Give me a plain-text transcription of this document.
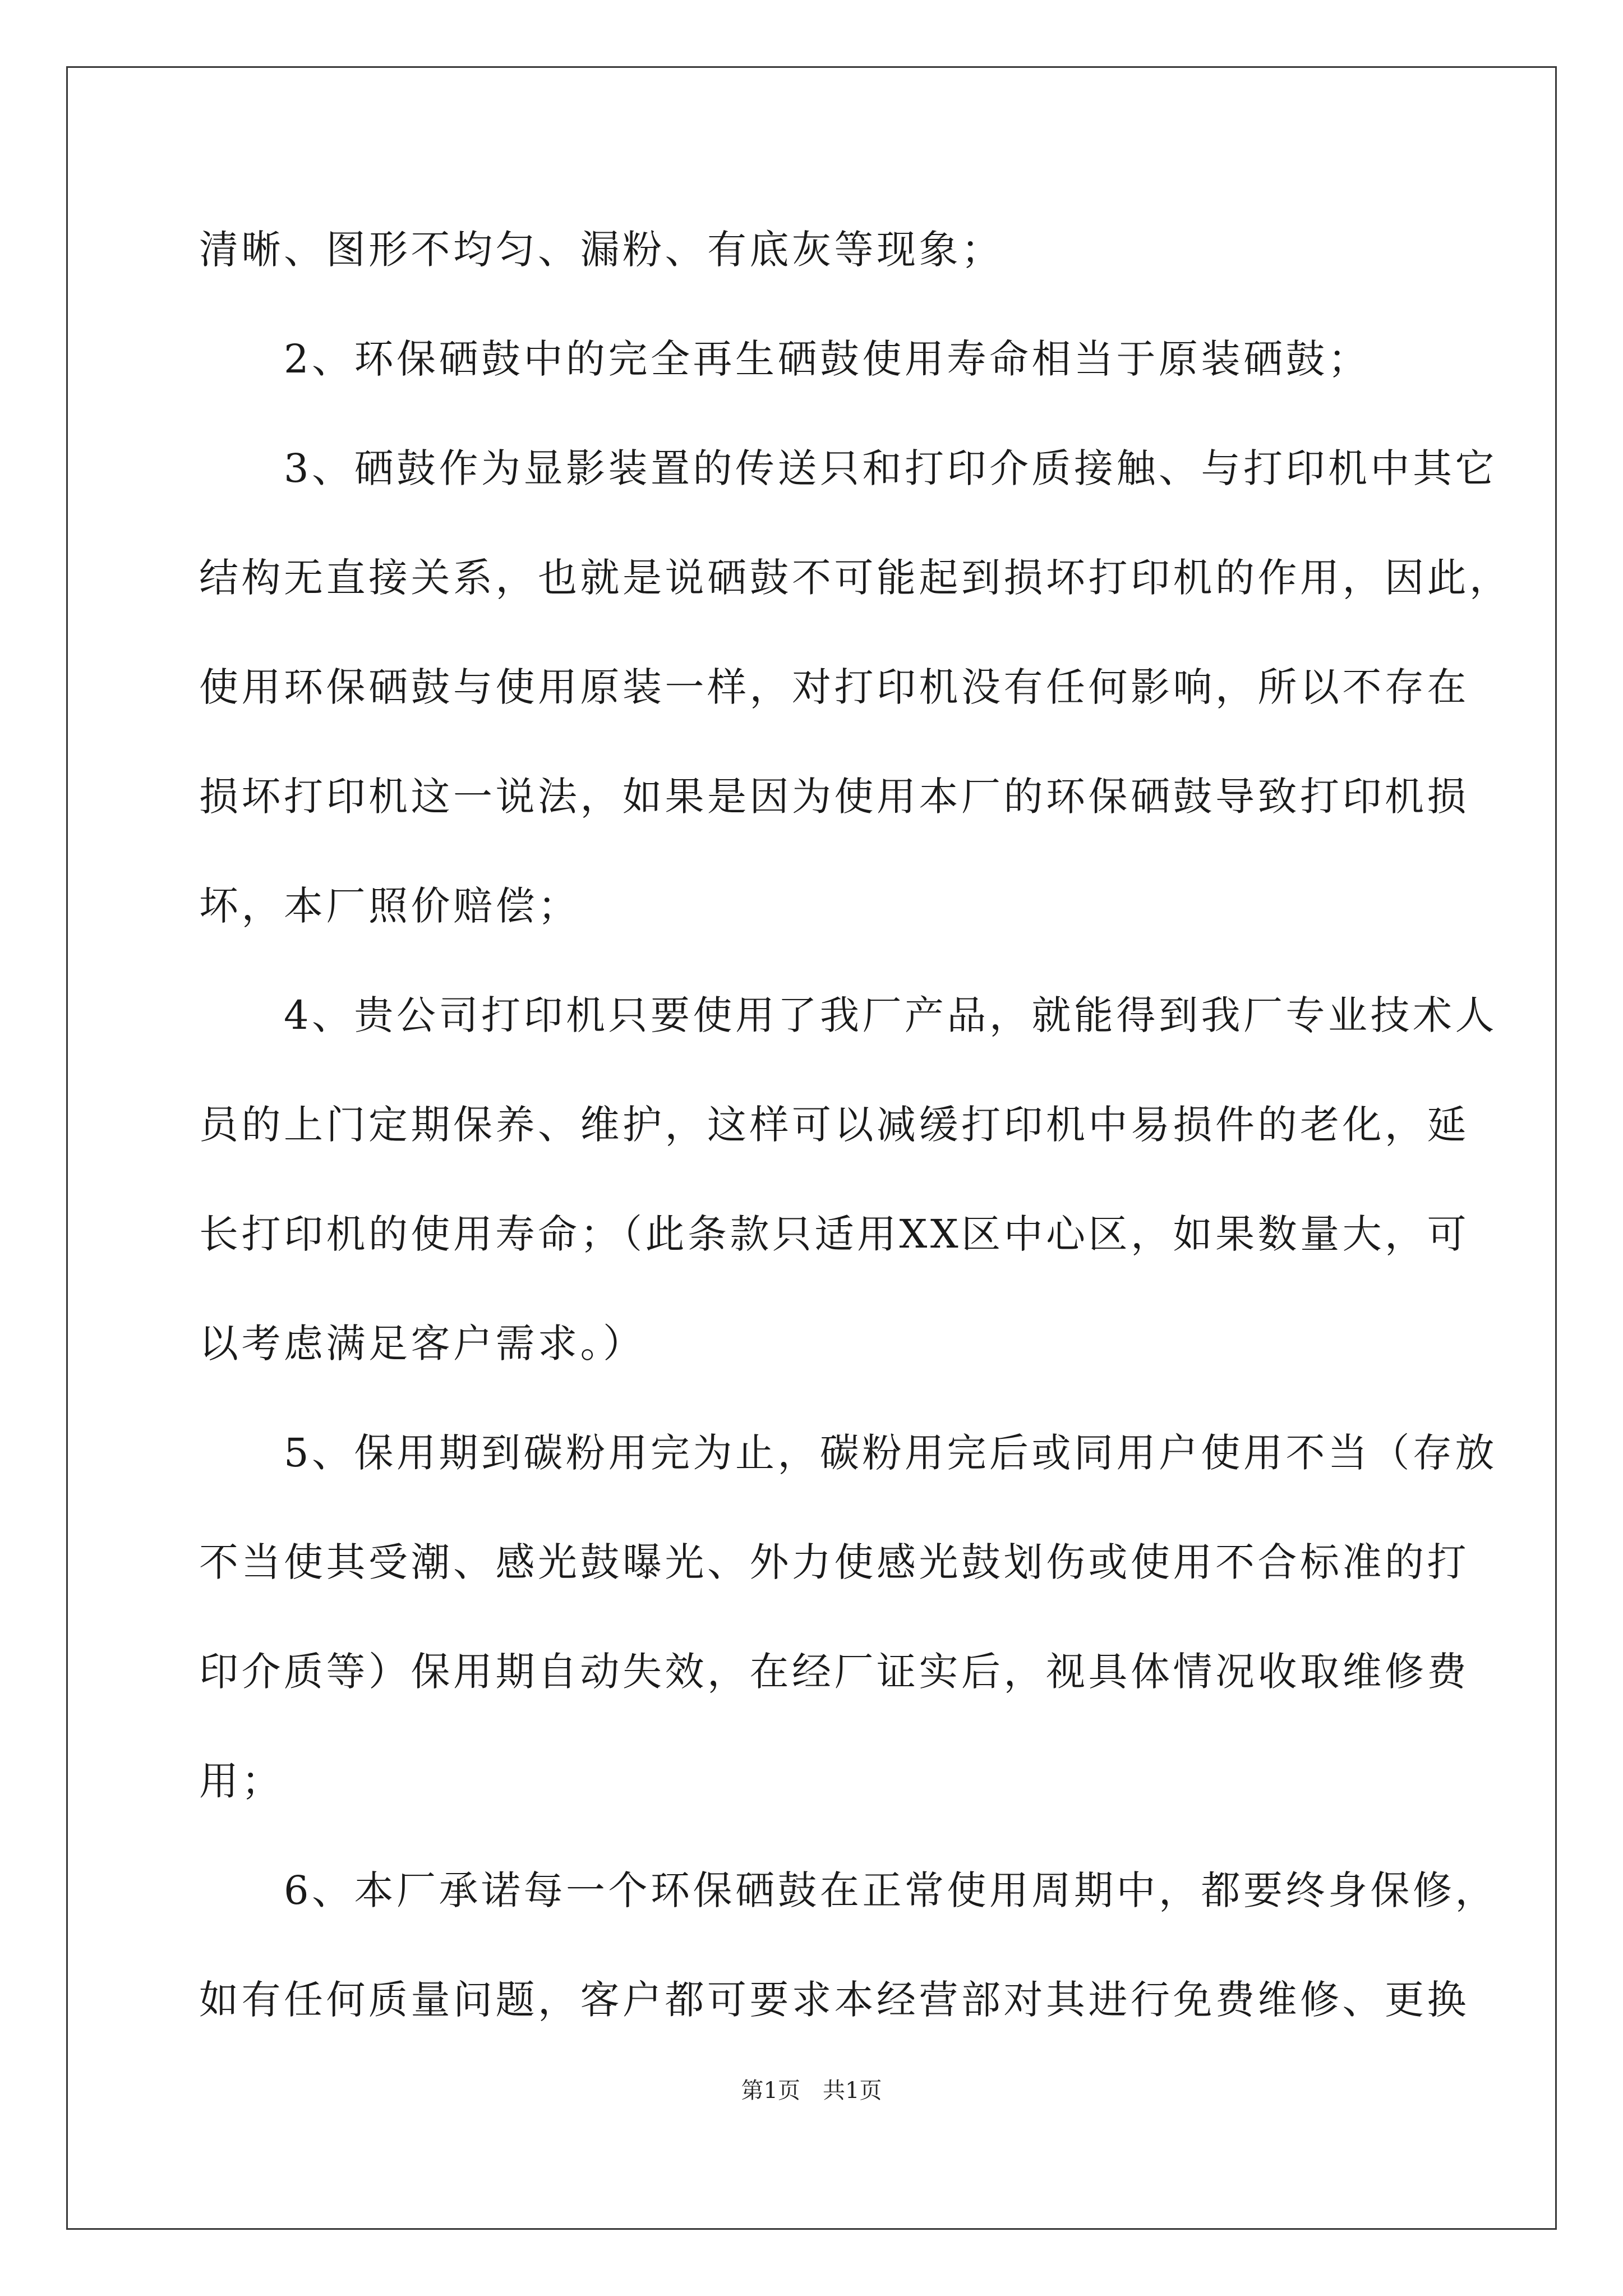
清晰、图形不均匀、漏粉、有底灰等现象；
　　2、环保硒鼓中的完全再生硒鼓使用寿命相当于原装硒鼓；
　　3、硒鼓作为显影装置的传送只和打印介质接触、与打印机中其它
结构无直接关系，也就是说硒鼓不可能起到损坏打印机的作用，因此，
使用环保硒鼓与使用原装一样，对打印机没有任何影响，所以不存在
损坏打印机这一说法，如果是因为使用本厂的环保硒鼓导致打印机损
坏，本厂照价赔偿；
　　4、贵公司打印机只要使用了我厂产品，就能得到我厂专业技术人
员的上门定期保养、维护，这样可以减缓打印机中易损件的老化，延
长打印机的使用寿命；（此条款只适用XX区中心区，如果数量大，可
以考虑满足客户需求。）
　　5、保用期到碳粉用完为止，碳粉用完后或同用户使用不当（存放
不当使其受潮、感光鼓曝光、外力使感光鼓划伤或使用不合标准的打
印介质等）保用期自动失效，在经厂证实后，视具体情况收取维修费
用；
　　6、本厂承诺每一个环保硒鼓在正常使用周期中，都要终身保修，
如有任何质量问题，客户都可要求本经营部对其进行免费维修、更换
第1页　共1页
